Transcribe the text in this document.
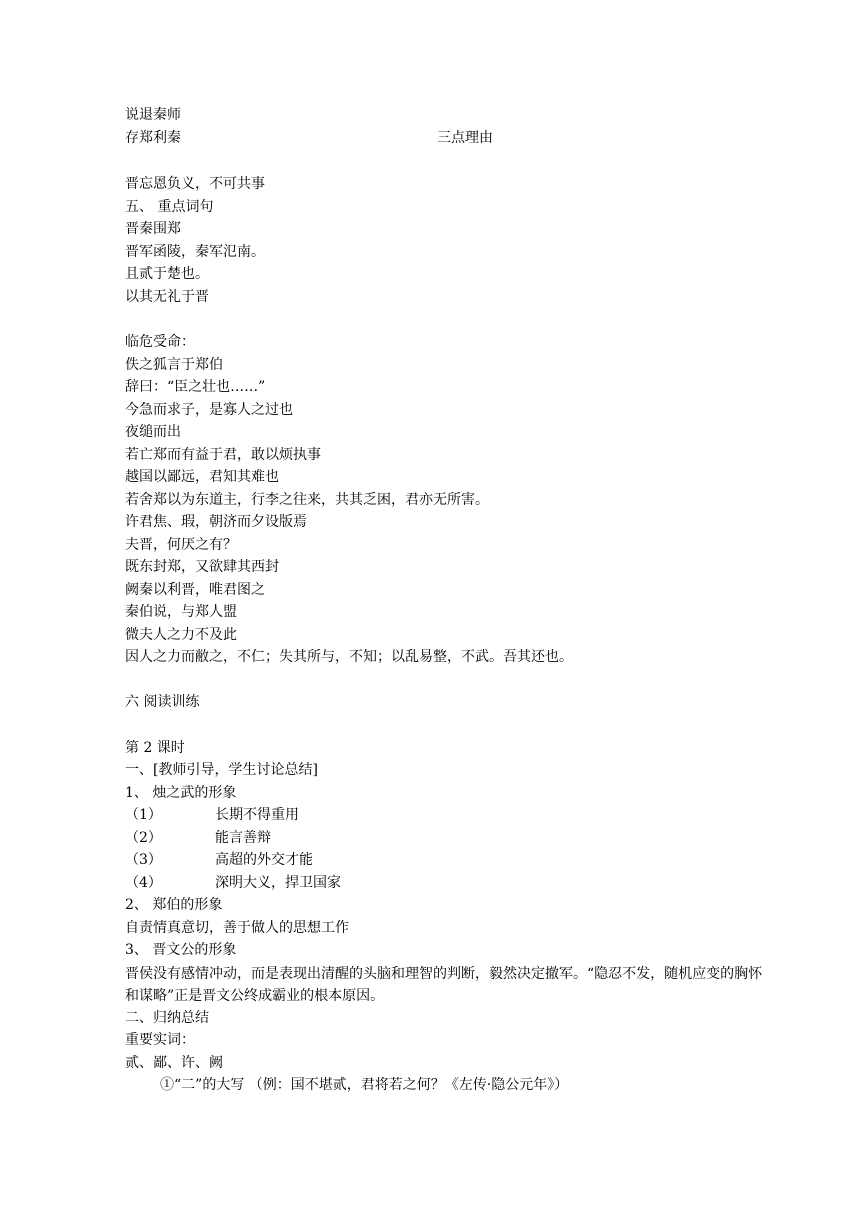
说退秦师
存郑利秦	三点理由
晋忘恩负义，不可共事
五、 重点词句
晋秦围郑
晋军函陵，秦军氾南。
且贰于楚也。
以其无礼于晋
临危受命：
佚之狐言于郑伯
辞曰：“臣之壮也……”
今急而求子，是寡人之过也
夜缒而出
若亡郑而有益于君，敢以烦执事
越国以鄙远，君知其难也
若舍郑以为东道主，行李之往来，共其乏困，君亦无所害。
许君焦、瑕，朝济而夕设版焉
夫晋，何厌之有？
既东封郑，又欲肆其西封
阙秦以利晋，唯君图之
秦伯说，与郑人盟
微夫人之力不及此
因人之力而敝之，不仁；失其所与，不知；以乱易整，不武。吾其还也。
六 阅读训练
第 2 课时
一、[教师引导，学生讨论总结]
1、 烛之武的形象
（1）	长期不得重用
（2）	能言善辩
（3）	高超的外交才能
（4）	深明大义，捍卫国家
2、 郑伯的形象
自责情真意切，善于做人的思想工作
3、 晋文公的形象
晋侯没有感情冲动，而是表现出清醒的头脑和理智的判断，毅然决定撤军。“隐忍不发，随机应变的胸怀和谋略”正是晋文公终成霸业的根本原因。
二、归纳总结
重要实词：
贰、鄙、许、阙
①“二”的大写 （例：国不堪贰，君将若之何？《左传·隐公元年》）
